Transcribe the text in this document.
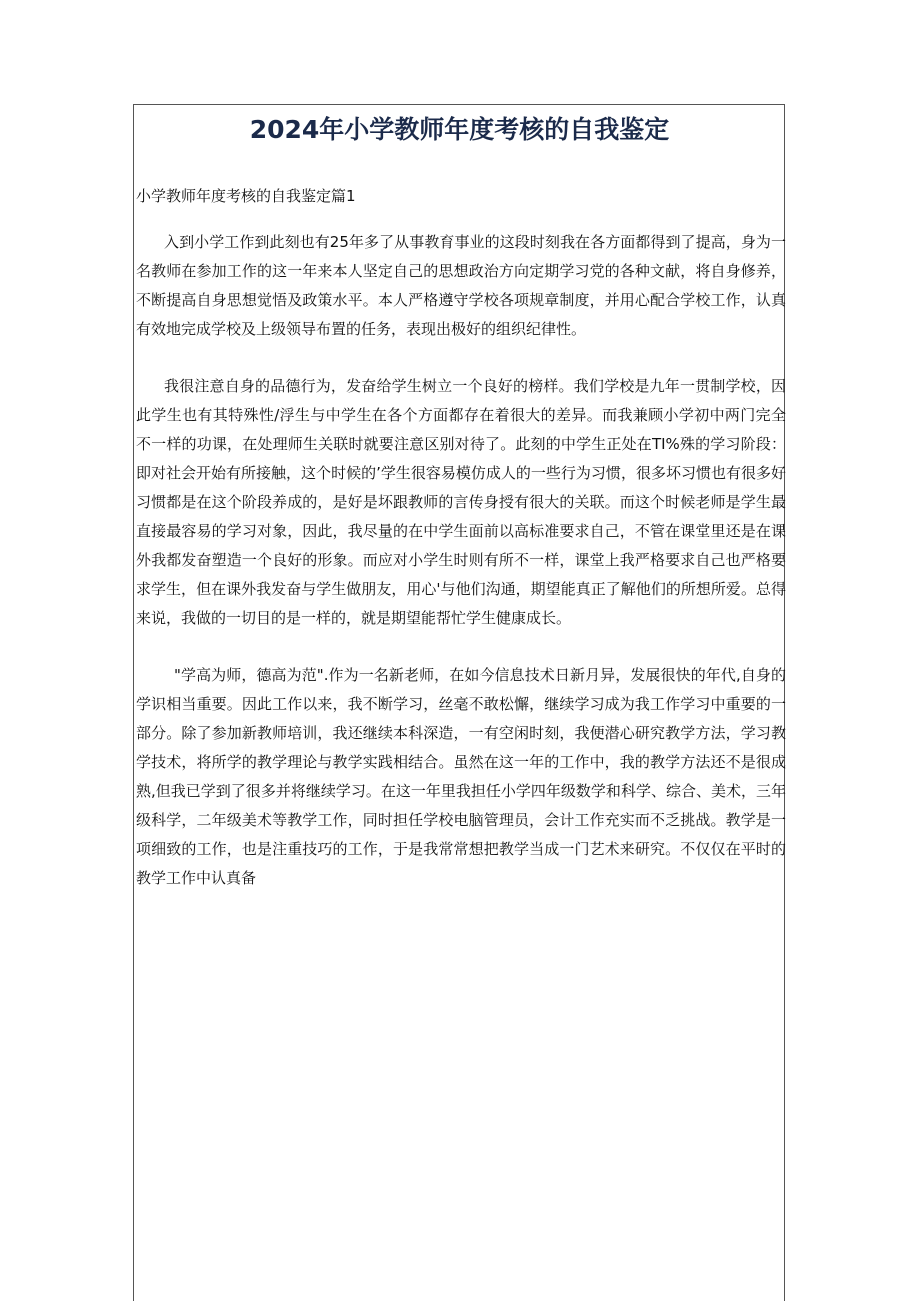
2024年小学教师年度考核的自我鉴定

小学教师年度考核的自我鉴定篇1

入到小学工作到此刻也有25年多了从事教育事业的这段时刻我在各方面都得到了提高，身为一名教师在参加工作的这一年来本人坚定自己的思想政治方向定期学习党的各种文献，将自身修养，不断提高自身思想觉悟及政策水平。本人严格遵守学校各项规章制度，并用心配合学校工作，认真有效地完成学校及上级领导布置的任务，表现出极好的组织纪律性。

我很注意自身的品德行为，发奋给学生树立一个良好的榜样。我们学校是九年一贯制学校，因此学生也有其特殊性/浮生与中学生在各个方面都存在着很大的差异。而我兼顾小学初中两门完全不一样的功课，在处理师生关联时就要注意区别对待了。此刻的中学生正处在TI%殊的学习阶段：即对社会开始有所接触，这个时候的’学生很容易模仿成人的一些行为习惯，很多坏习惯也有很多好习惯都是在这个阶段养成的，是好是坏跟教师的言传身授有很大的关联。而这个时候老师是学生最直接最容易的学习对象，因此，我尽量的在中学生面前以高标准要求自己，不管在课堂里还是在课外我都发奋塑造一个良好的形象。而应对小学生时则有所不一样，课堂上我严格要求自己也严格要求学生，但在课外我发奋与学生做朋友，用心'与他们沟通，期望能真正了解他们的所想所爱。总得来说，我做的一切目的是一样的，就是期望能帮忙学生健康成长。

"学高为师，德高为范".作为一名新老师，在如今信息技术日新月异，发展很快的年代,自身的学识相当重要。因此工作以来，我不断学习，丝毫不敢松懈，继续学习成为我工作学习中重要的一部分。除了参加新教师培训，我还继续本科深造，一有空闲时刻，我便潜心研究教学方法，学习教学技术，将所学的教学理论与教学实践相结合。虽然在这一年的工作中，我的教学方法还不是很成熟,但我已学到了很多并将继续学习。在这一年里我担任小学四年级数学和科学、综合、美术，三年级科学，二年级美术等教学工作，同时担任学校电脑管理员，会计工作充实而不乏挑战。教学是一项细致的工作，也是注重技巧的工作，于是我常常想把教学当成一门艺术来研究。不仅仅在平时的教学工作中认真备
